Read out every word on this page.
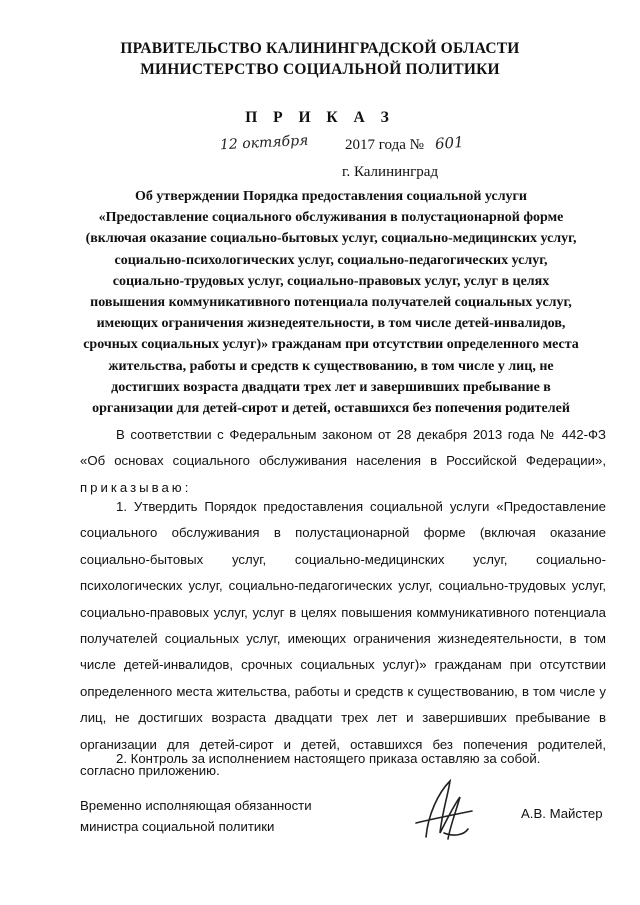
ПРАВИТЕЛЬСТВО КАЛИНИНГРАДСКОЙ ОБЛАСТИ
МИНИСТЕРСТВО СОЦИАЛЬНОЙ ПОЛИТИКИ
П Р И К А З
12 октября 2017 года № 601
г. Калининград
Об утверждении Порядка предоставления социальной услуги «Предоставление социального обслуживания в полустационарной форме (включая оказание социально-бытовых услуг, социально-медицинских услуг, социально-психологических услуг, социально-педагогических услуг, социально-трудовых услуг, социально-правовых услуг, услуг в целях повышения коммуникативного потенциала получателей социальных услуг, имеющих ограничения жизнедеятельности, в том числе детей-инвалидов, срочных социальных услуг)» гражданам при отсутствии определенного места жительства, работы и средств к существованию, в том числе у лиц, не достигших возраста двадцати трех лет и завершивших пребывание в организации для детей-сирот и детей, оставшихся без попечения родителей
В соответствии с Федеральным законом от 28 декабря 2013 года № 442-ФЗ «Об основах социального обслуживания населения в Российской Федерации», приказываю:
1. Утвердить Порядок предоставления социальной услуги «Предоставление социального обслуживания в полустационарной форме (включая оказание социально-бытовых услуг, социально-медицинских услуг, социально-психологических услуг, социально-педагогических услуг, социально-трудовых услуг, социально-правовых услуг, услуг в целях повышения коммуникативного потенциала получателей социальных услуг, имеющих ограничения жизнедеятельности, в том числе детей-инвалидов, срочных социальных услуг)» гражданам при отсутствии определенного места жительства, работы и средств к существованию, в том числе у лиц, не достигших возраста двадцати трех лет и завершивших пребывание в организации для детей-сирот и детей, оставшихся без попечения родителей, согласно приложению.
2. Контроль за исполнением настоящего приказа оставляю за собой.
Временно исполняющая обязанности
министра социальной политики
А.В. Майстер
